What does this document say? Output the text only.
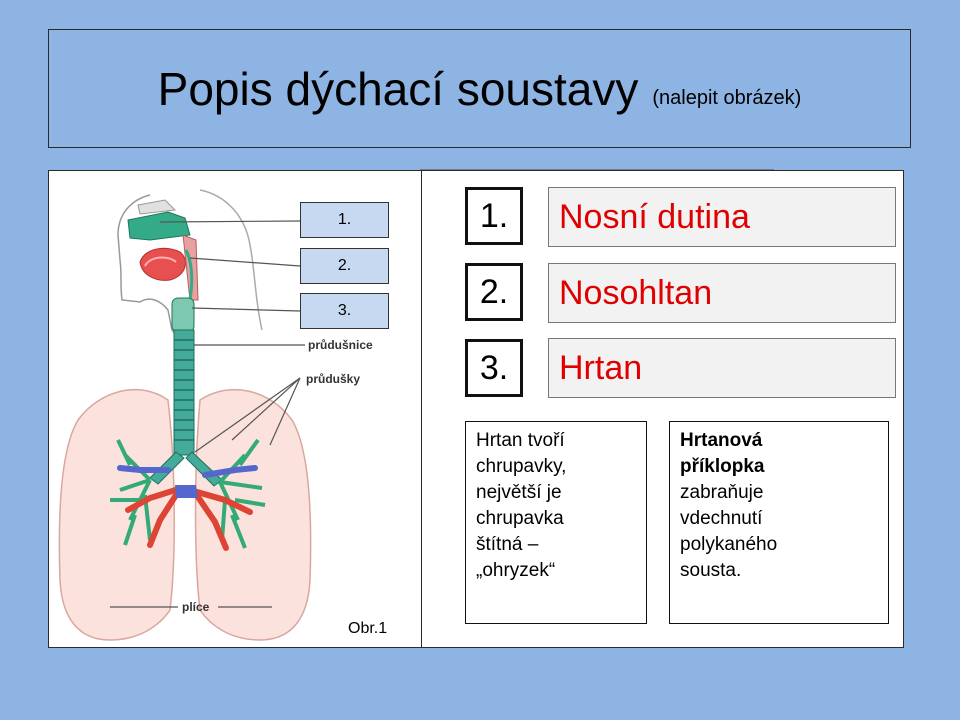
Popis dýchací soustavy (nalepit obrázek)
průdušnice
průdušky
plíce
1.
2.
3.
Obr.1
1.	Nosní dutina
2.	Nosohltan
3.	Hrtan
Hrtan tvoří
chrupavky,
největší je
chrupavka
štítná –
„ohryzek“
Hrtanová
příklopka
zabraňuje
vdechnutí
polykaného
sousta.
